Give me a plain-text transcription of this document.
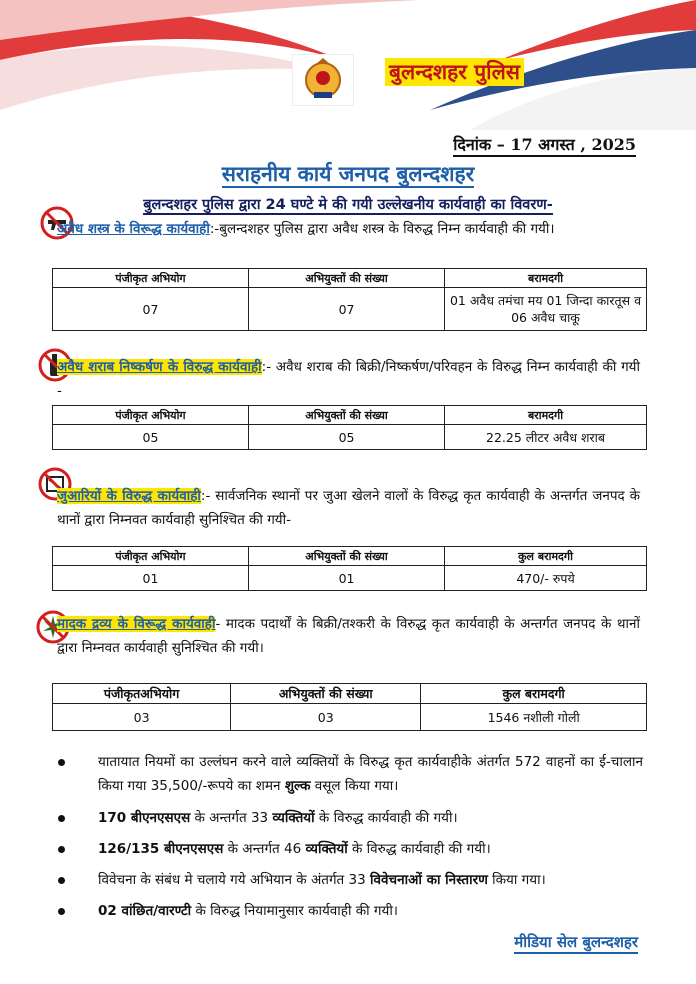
बुलन्दशहर पुलिस
दिनांक – 17 अगस्त , 2025
सराहनीय कार्य जनपद बुलन्दशहर
बुलन्दशहर पुलिस द्वारा 24 घण्टे मे की गयी उल्लेखनीय कार्यवाही का विवरण-
अवैध शस्त्र के विरूद्ध कार्यवाही:-बुलन्दशहर पुलिस द्वारा अवैध शस्त्र के विरुद्ध निम्न कार्यवाही की गयी।
पंजीकृत अभियोग	अभियुक्तों की संख्या	बरामदगी
07	07	01 अवैध तमंचा मय 01 जिन्दा कारतूस व 06 अवैध चाकू
अवैध शराब निष्कर्षण के विरुद्ध कार्यवाही:- अवैध शराब की बिक्री/निष्कर्षण/परिवहन के विरुद्ध निम्न कार्यवाही की गयी -
पंजीकृत अभियोग	अभियुक्तों की संख्या	बरामदगी
05	05	22.25 लीटर अवैध शराब
जुआरियों के विरुद्ध कार्यवाही:- सार्वजनिक स्थानों पर जुआ खेलने वालों के विरुद्ध कृत कार्यवाही के अन्तर्गत जनपद के थानों द्वारा निम्नवत कार्यवाही सुनिश्चित की गयी-
पंजीकृत अभियोग	अभियुक्तों की संख्या	कुल बरामदगी
01	01	470/- रुपये
मादक द्रव्य के विरूद्ध कार्यवाही- मादक पदार्थों के बिक्री/तश्करी के विरुद्ध कृत कार्यवाही के अन्तर्गत जनपद के थानों द्वारा निम्नवत कार्यवाही सुनिश्चित की गयी।
पंजीकृतअभियोग	अभियुक्तों की संख्या	कुल बरामदगी
03	03	1546 नशीली गोली
यातायात नियमों का उल्लंघन करने वाले व्यक्तियों के विरुद्ध कृत कार्यवाहीके अंतर्गत 572 वाहनों का ई-चालान किया गया 35,500/-रूपये का शमन शुल्क वसूल किया गया।
170 बीएनएसएस के अन्तर्गत 33 व्यक्तियों के विरुद्ध कार्यवाही की गयी।
126/135 बीएनएसएस के अन्तर्गत 46 व्यक्तियों के विरुद्ध कार्यवाही की गयी।
विवेचना के संबंध मे चलाये गये अभियान के अंतर्गत 33 विवेचनाओं का निस्तारण किया गया।
02 वांछित/वारण्टी के विरुद्ध नियामानुसार कार्यवाही की गयी।
मीडिया सेल बुलन्दशहर
